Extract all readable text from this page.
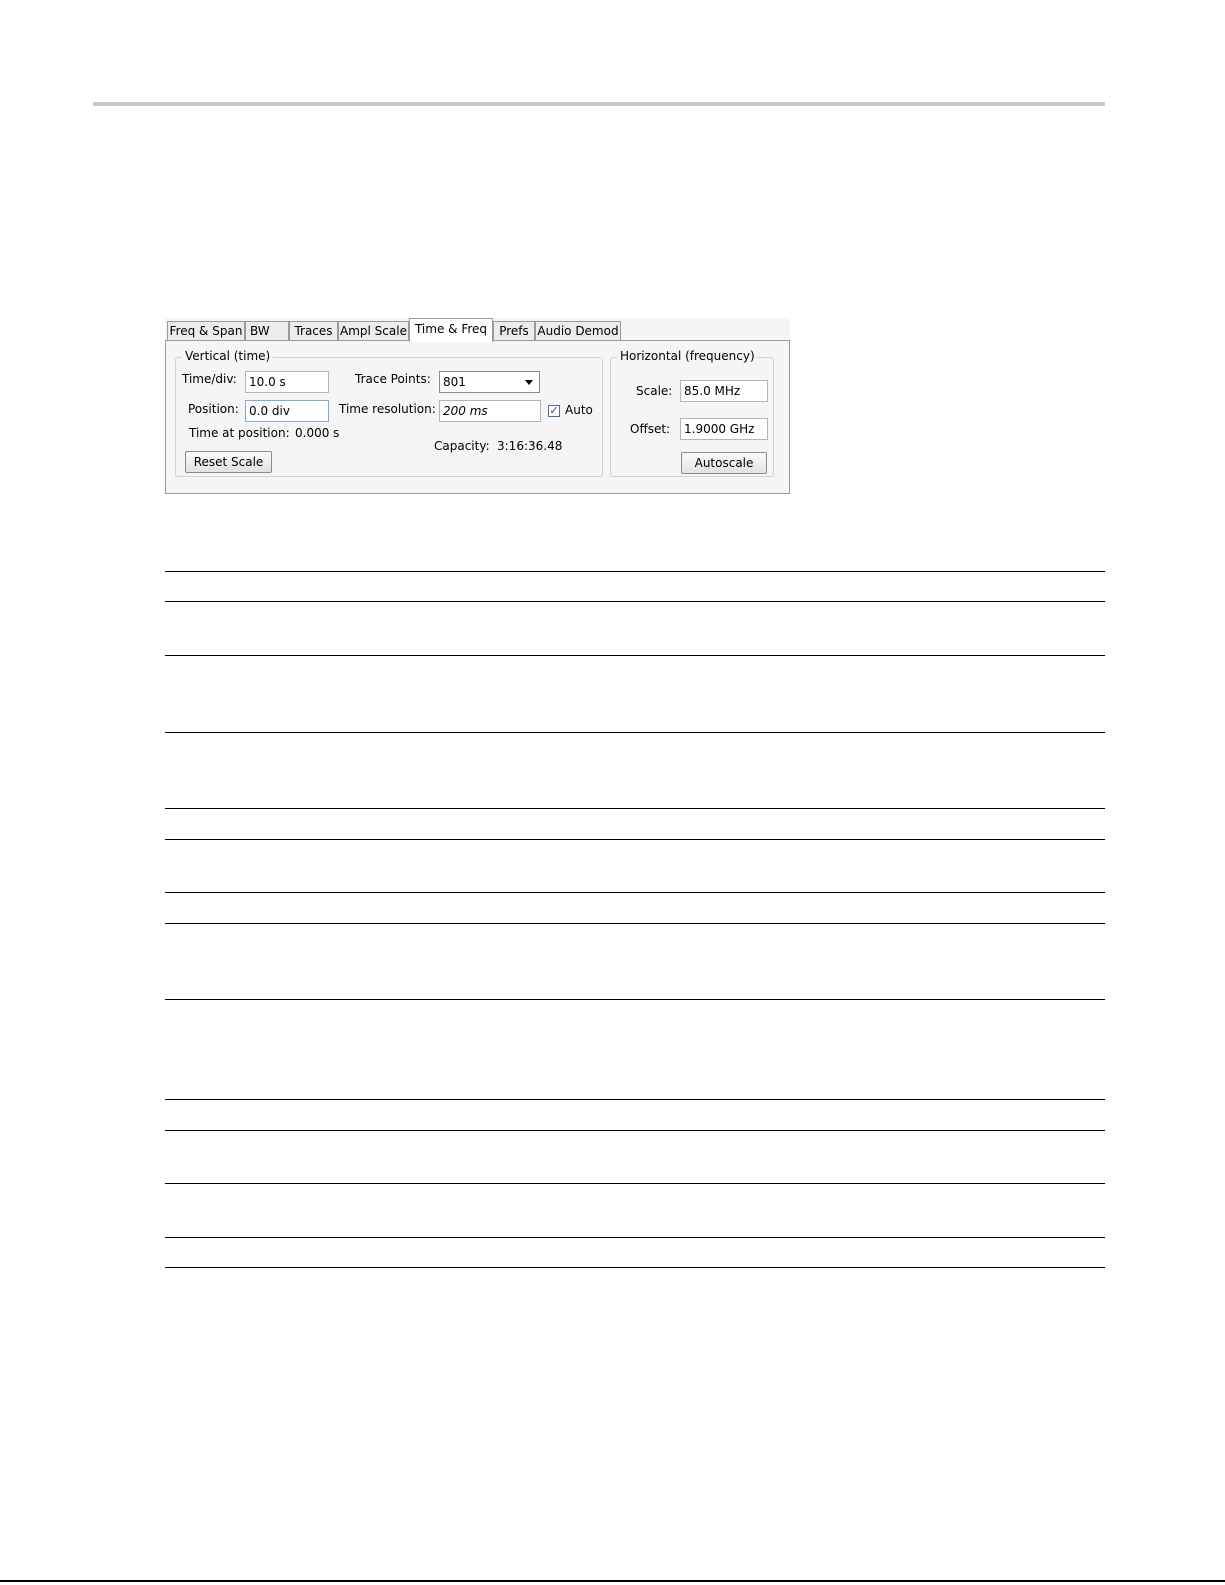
Freq & Span BW	Traces Ampl Scale Time & Freq	Prefs Audio Demod
Vertical (time)
Time/div:
10.0 s	Trace Points:	801
Position:
0.0 div	Time resolution:
200 ms	✓ Auto
Time at position: 0.000 s
Capacity: 3:16:36.48
Reset Scale
Horizontal (frequency)
Scale:
85.0 MHz
Offset:
1.9000 GHz
Autoscale
